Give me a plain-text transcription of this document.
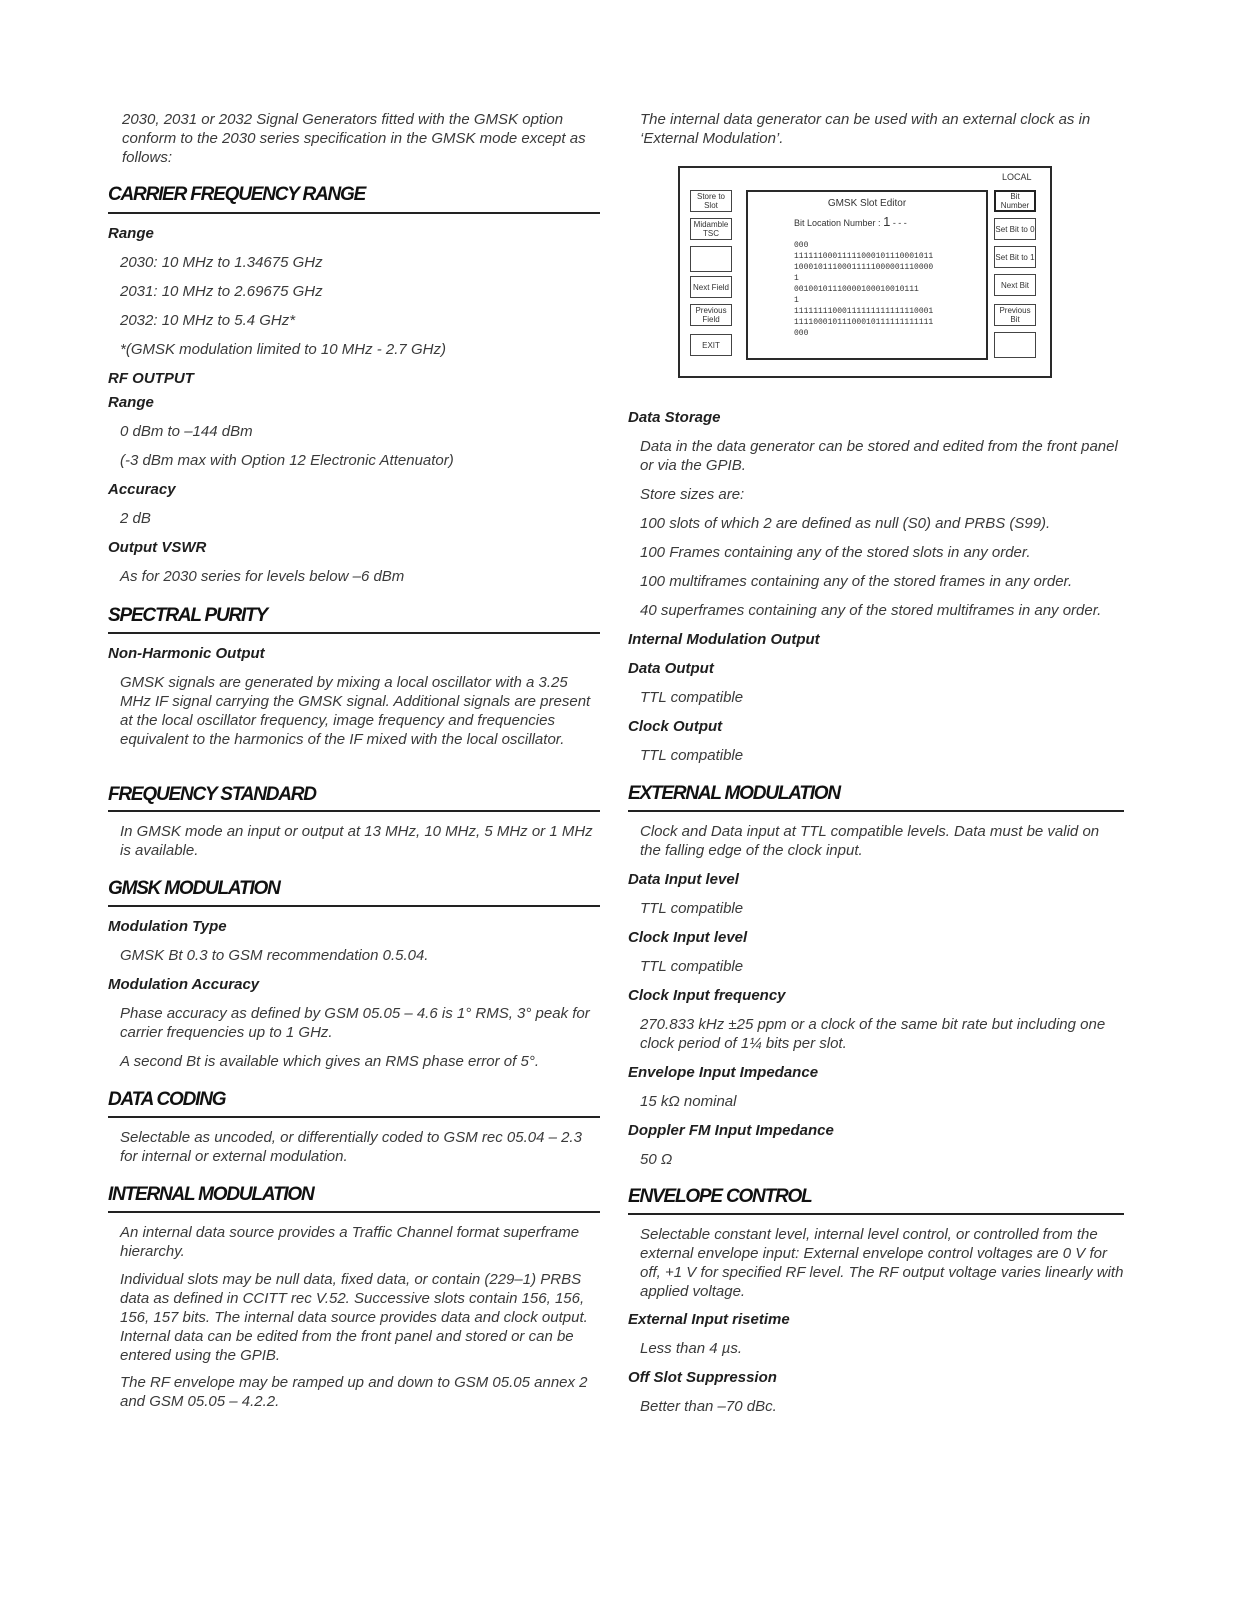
2030, 2031 or 2032 Signal Generators fitted with the GMSK option conform to the 2030 series specification in the GMSK mode except as follows:

CARRIER FREQUENCY RANGE
Range

2030: 10 MHz to 1.34675 GHz

2031: 10 MHz to 2.69675 GHz

2032: 10 MHz to 5.4 GHz*

*(GMSK modulation limited to 10 MHz - 2.7 GHz)

RF OUTPUT
Range

0 dBm to –144 dBm

(-3 dBm max with Option 12 Electronic Attenuator)

Accuracy

2 dB

Output VSWR

As for 2030 series for levels below –6 dBm

SPECTRAL PURITY
Non-Harmonic Output

GMSK signals are generated by mixing a local oscillator with a 3.25 MHz IF signal carrying the GMSK signal. Additional signals are present at the local oscillator frequency, image frequency and frequencies equivalent to the harmonics of the IF mixed with the local oscillator.

FREQUENCY STANDARD

In GMSK mode an input or output at 13 MHz, 10 MHz, 5 MHz or 1 MHz is available.

GMSK MODULATION
Modulation Type

GMSK Bt 0.3 to GSM recommendation 0.5.04.

Modulation Accuracy

Phase accuracy as defined by GSM 05.05 – 4.6 is 1° RMS, 3° peak for carrier frequencies up to 1 GHz.

A second Bt is available which gives an RMS phase error of 5°.

DATA CODING

Selectable as uncoded, or differentially coded to GSM rec 05.04 – 2.3 for internal or external modulation.

INTERNAL MODULATION

An internal data source provides a Traffic Channel format superframe hierarchy.

Individual slots may be null data, fixed data, or contain (229–1) PRBS data as defined in CCITT rec V.52. Successive slots contain 156, 156, 156, 157 bits. The internal data source provides data and clock output. Internal data can be edited from the front panel and stored or can be entered using the GPIB.

The RF envelope may be ramped up and down to GSM 05.05 annex 2 and GSM 05.05 – 4.2.2.

The internal data generator can be used with an external clock as in ‘External Modulation’.

LOCAL
Store to Slot
Midamble TSC
Next Field
Previous Field
EXIT
GMSK Slot Editor
Bit Location Number : 1 - - -
000
11111100011111000101110001011
10001011100011111000001110000
1
00100101110000100010010111
1
11111111000111111111111110001
11110001011100010111111111111
000
Bit Number
Set Bit to 0
Set Bit to 1
Next Bit
Previous Bit
Data Storage

Data in the data generator can be stored and edited from the front panel or via the GPIB.

Store sizes are:

100 slots of which 2 are defined as null (S0) and PRBS (S99).

100 Frames containing any of the stored slots in any order.

100 multiframes containing any of the stored frames in any order.

40 superframes containing any of the stored multiframes in any order.

Internal Modulation Output
Data Output

TTL compatible

Clock Output

TTL compatible

EXTERNAL MODULATION

Clock and Data input at TTL compatible levels. Data must be valid on the falling edge of the clock input.

Data Input level

TTL compatible

Clock Input level

TTL compatible

Clock Input frequency

270.833 kHz ±25 ppm or a clock of the same bit rate but including one clock period of 1¼ bits per slot.

Envelope Input Impedance

15 kΩ nominal

Doppler FM Input Impedance

50 Ω

ENVELOPE CONTROL

Selectable constant level, internal level control, or controlled from the external envelope input: External envelope control voltages are 0 V for off, +1 V for specified RF level. The RF output voltage varies linearly with applied voltage.

External Input risetime

Less than 4 µs.

Off Slot Suppression

Better than –70 dBc.
